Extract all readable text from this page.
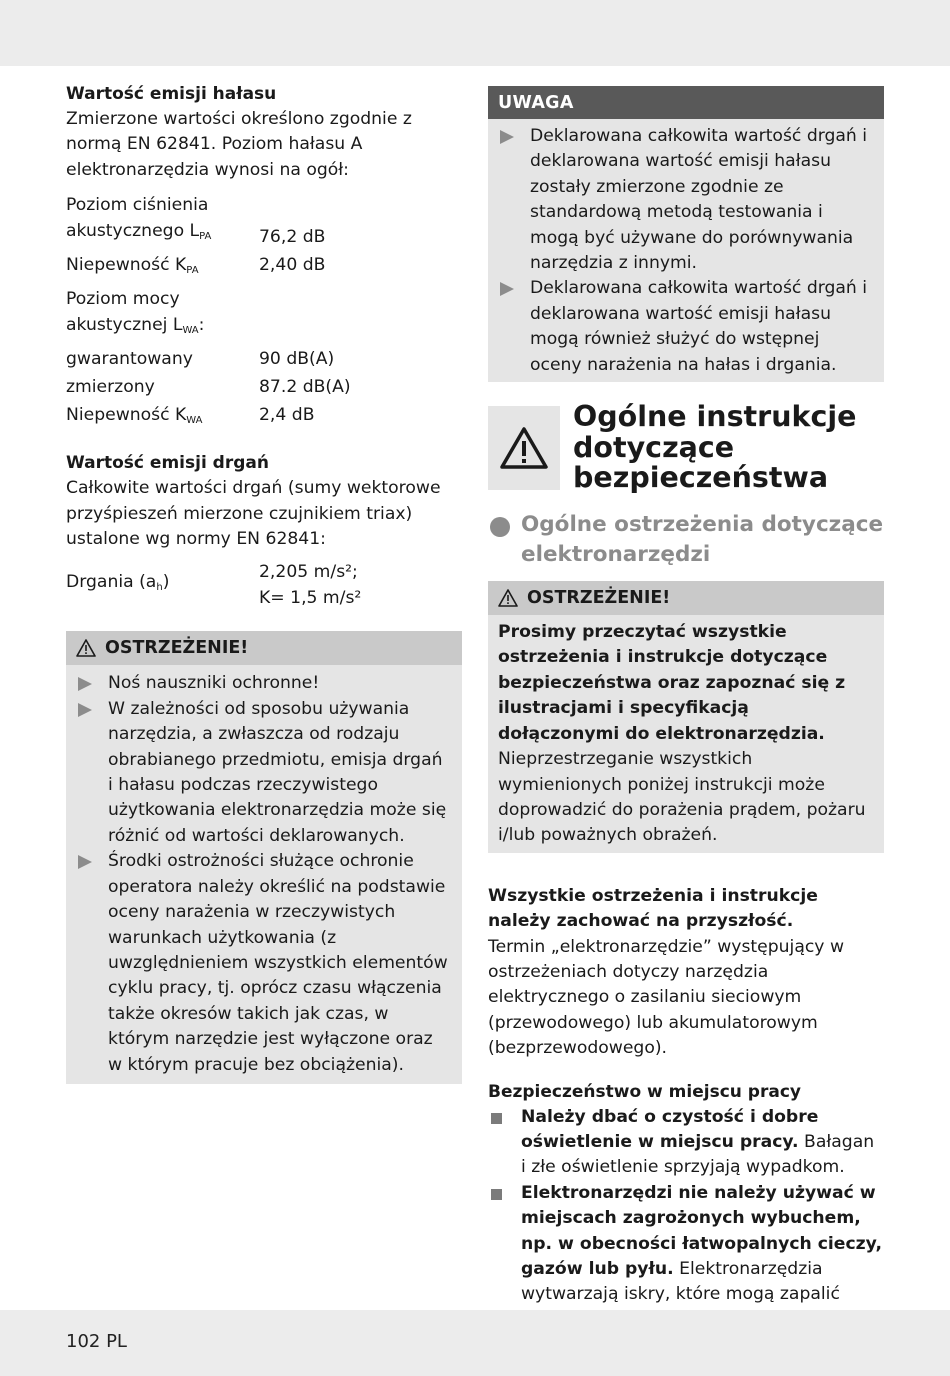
Wartość emisji hałasu
Zmierzone wartości określono zgodnie z normą EN 62841. Poziom hałasu A elektronarzędzia wynosi na ogół:
Poziom ciśnienia
akustycznego $L_{PA}$	76,2 dB
Niepewność $K_{PA}$	2,40 dB

Poziom mocy
akustycznej $L_{WA}$:	

gwarantowany	90 dB(A)
zmierzony	87.2 dB(A)
Niepewność $K_{WA}$	2,4 dB
Wartość emisji drgań
Całkowite wartości drgań (sumy wektorowe przyśpieszeń mierzone czujnikiem triax) ustalone wg normy EN 62841:
Drgania $(a_h)$	2,205 m/s²;
K= 1,5 m/s²
OSTRZEŻENIE!
Noś nauszniki ochronne!
W zależności od sposobu używania narzędzia, a zwłaszcza od rodzaju obrabianego przedmiotu, emisja drgań i hałasu podczas rzeczywistego użytkowania elektronarzędzia może się różnić od wartości deklarowanych.
Środki ostrożności służące ochronie operatora należy określić na podstawie oceny narażenia w rzeczywistych warunkach użytkowania (z uwzględnieniem wszystkich elementów cyklu pracy, tj. oprócz czasu włączenia także okresów takich jak czas, w którym narzędzie jest wyłączone oraz w którym pracuje bez obciążenia).
UWAGA
Deklarowana całkowita wartość drgań i deklarowana wartość emisji hałasu zostały zmierzone zgodnie ze standardową metodą testowania i mogą być używane do porównywania narzędzia z innymi.
Deklarowana całkowita wartość drgań i deklarowana wartość emisji hałasu mogą również służyć do wstępnej oceny narażenia na hałas i drgania.
Ogólne instrukcje dotyczące bezpieczeństwa
Ogólne ostrzeżenia dotyczące elektronarzędzi
OSTRZEŻENIE!
Prosimy przeczytać wszystkie ostrzeżenia i instrukcje dotyczące bezpieczeństwa oraz zapoznać się z ilustracjami i specyfikacją dołączonymi do elektronarzędzia.
Nieprzestrzeganie wszystkich wymienionych poniżej instrukcji może doprowadzić do porażenia prądem, pożaru i/lub poważnych obrażeń.
Wszystkie ostrzeżenia i instrukcje należy zachować na przyszłość.
Termin „elektronarzędzie” występujący w ostrzeżeniach dotyczy narzędzia elektrycznego o zasilaniu sieciowym (przewodowego) lub akumulatorowym (bezprzewodowego).
Bezpieczeństwo w miejscu pracy
Należy dbać o czystość i dobre oświetlenie w miejscu pracy. Bałagan i złe oświetlenie sprzyjają wypadkom.
Elektronarzędzi nie należy używać w miejscach zagrożonych wybuchem, np. w obecności łatwopalnych cieczy, gazów lub pyłu. Elektronarzędzia wytwarzają iskry, które mogą zapalić
102 PL
